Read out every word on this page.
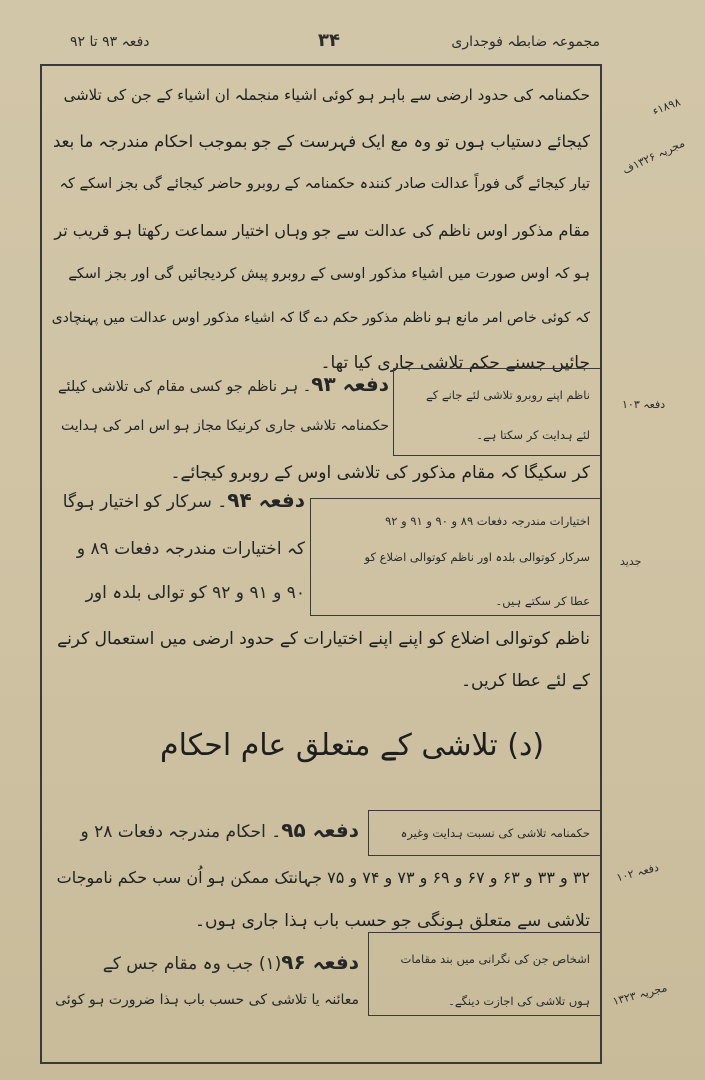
دفعہ ۹۳ تا ۹۲	۳۴	مجموعہ ضابطہ فوجداری
حکمنامہ کی حدود ارضی سے باہر ہو کوئی اشیاء منجملہ ان اشیاء کے جن کی تلاشی
کیجائے دستیاب ہوں تو وہ مع ایک فہرست کے جو بموجب احکام مندرجہ ما بعد
تیار کیجائے گی فوراً عدالت صادر کنندہ حکمنامہ کے روبرو حاضر کیجائے گی بجز اسکے کہ
مقام مذکور اوس ناظم کی عدالت سے جو وہاں اختیار سماعت رکھتا ہو قریب تر
ہو کہ اوس صورت میں اشیاء مذکور اوسی کے روبرو پیش کردیجائیں گی اور بجز اسکے
کہ کوئی خاص امر مانع ہو ناظم مذکور حکم دے گا کہ اشیاء مذکور اوس عدالت میں پہنچادی
جائیں جسنے حکم تلاشی جاری کیا تھا۔
ناظم اپنے روبرو تلاشی لئے جانے کے
لئے ہدایت کر سکتا ہے۔
دفعہ ۹۳۔ ہر ناظم جو کسی مقام کی تلاشی کیلئے
حکمنامہ تلاشی جاری کرنیکا مجاز ہو اس امر کی ہدایت
کر سکیگا کہ مقام مذکور کی تلاشی اوس کے روبرو کیجائے۔
اختیارات مندرجہ دفعات ۸۹ و ۹۰ و ۹۱ و ۹۲
سرکار کوتوالی بلدہ اور ناظم کوتوالی اضلاع کو
عطا کر سکتے ہیں۔
دفعہ ۹۴۔ سرکار کو اختیار ہوگا
کہ اختیارات مندرجہ دفعات ۸۹ و
۹۰ و ۹۱ و ۹۲ کو توالی بلدہ اور
ناظم کوتوالی اضلاع کو اپنے اپنے اختیارات کے حدود ارضی میں استعمال کرنے
کے لئے عطا کریں۔
(د) تلاشی کے متعلق عام احکام
حکمنامہ تلاشی کی نسبت ہدایت وغیرہ
دفعہ ۹۵۔ احکام مندرجہ دفعات ۲۸ و
۳۲ و ۳۳ و ۶۳ و ۶۷ و ۶۹ و ۷۳ و ۷۴ و ۷۵ جہانتک ممکن ہو اُن سب حکم ناموجات
تلاشی سے متعلق ہونگی جو حسب باب ہذا جاری ہوں۔
اشخاص جن کی نگرانی میں بند مقامات
ہوں تلاشی کی اجازت دینگے۔
دفعہ ۹۶(۱) جب وہ مقام جس کے
معائنہ یا تلاشی کی حسب باب ہذا ضرورت ہو کوئی
۱۸۹۸ء
مجریہ ۱۳۲۶ف
دفعہ ۱۰۳
جدید
دفعہ ۱۰۲
مجریہ ۱۳۲۳
